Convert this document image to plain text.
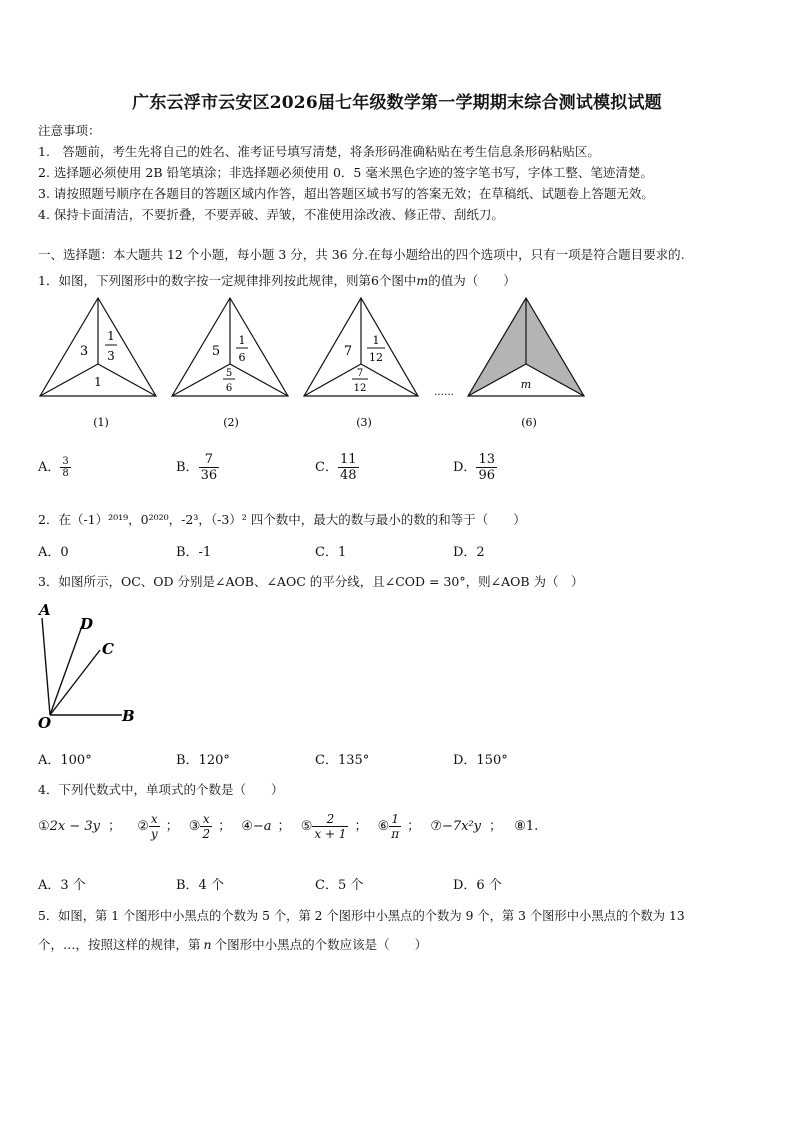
广东云浮市云安区2026届七年级数学第一学期期末综合测试模拟试题
注意事项：
1.　答题前，考生先将自己的姓名、准考证号填写清楚，将条形码准确粘贴在考生信息条形码粘贴区。
2. 选择题必须使用 2B 铅笔填涂；非选择题必须使用 0．5 毫米黑色字迹的签字笔书写，字体工整、笔迹清楚。
3. 请按照题号顺序在各题目的答题区域内作答，超出答题区域书写的答案无效；在草稿纸、试题卷上答题无效。
4. 保持卡面清洁，不要折叠，不要弄破、弄皱，不准使用涂改液、修正带、刮纸刀。
一、选择题：本大题共 12 个小题，每小题 3 分，共 36 分.在每小题给出的四个选项中，只有一项是符合题目要求的.
1．如图，下列图形中的数字按一定规律排列按此规律，则第6个图中m的值为（　　）
3
1
3
1
(1)
5
1
6
5
6
(2)
7
1
12
7
12
(3)
……
m
(6)
A． $\frac{3}{8}$	B． $\frac{7}{36}$	C． $\frac{11}{48}$	D． $\frac{13}{96}$
2．在（-1）²⁰¹⁹，0²⁰²⁰，-2³，（-3）² 四个数中，最大的数与最小的数的和等于（　　）
A．0	B．-1	C．1	D．2
3．如图所示，OC、OD 分别是∠AOB、∠AOC 的平分线，且∠COD = 30°，则∠AOB 为（　）
A
D
C
O	B
A．100°	B．120°	C．135°	D．150°
4．下列代数式中，单项式的个数是（　　）
①2x − 3y ； ② $\frac{x}{y}$ ； ③ $\frac{x}{2}$ ； ④−a ； ⑤ $\frac{2}{x + 1}$ ； ⑥ $\frac{1}{\pi}$ ； ⑦−7x²y ； ⑧1.
A．3 个	B．4 个	C．5 个	D．6 个
5．如图，第 1 个图形中小黑点的个数为 5 个，第 2 个图形中小黑点的个数为 9 个，第 3 个图形中小黑点的个数为 13
个，…，按照这样的规律，第 n 个图形中小黑点的个数应该是（　　）
